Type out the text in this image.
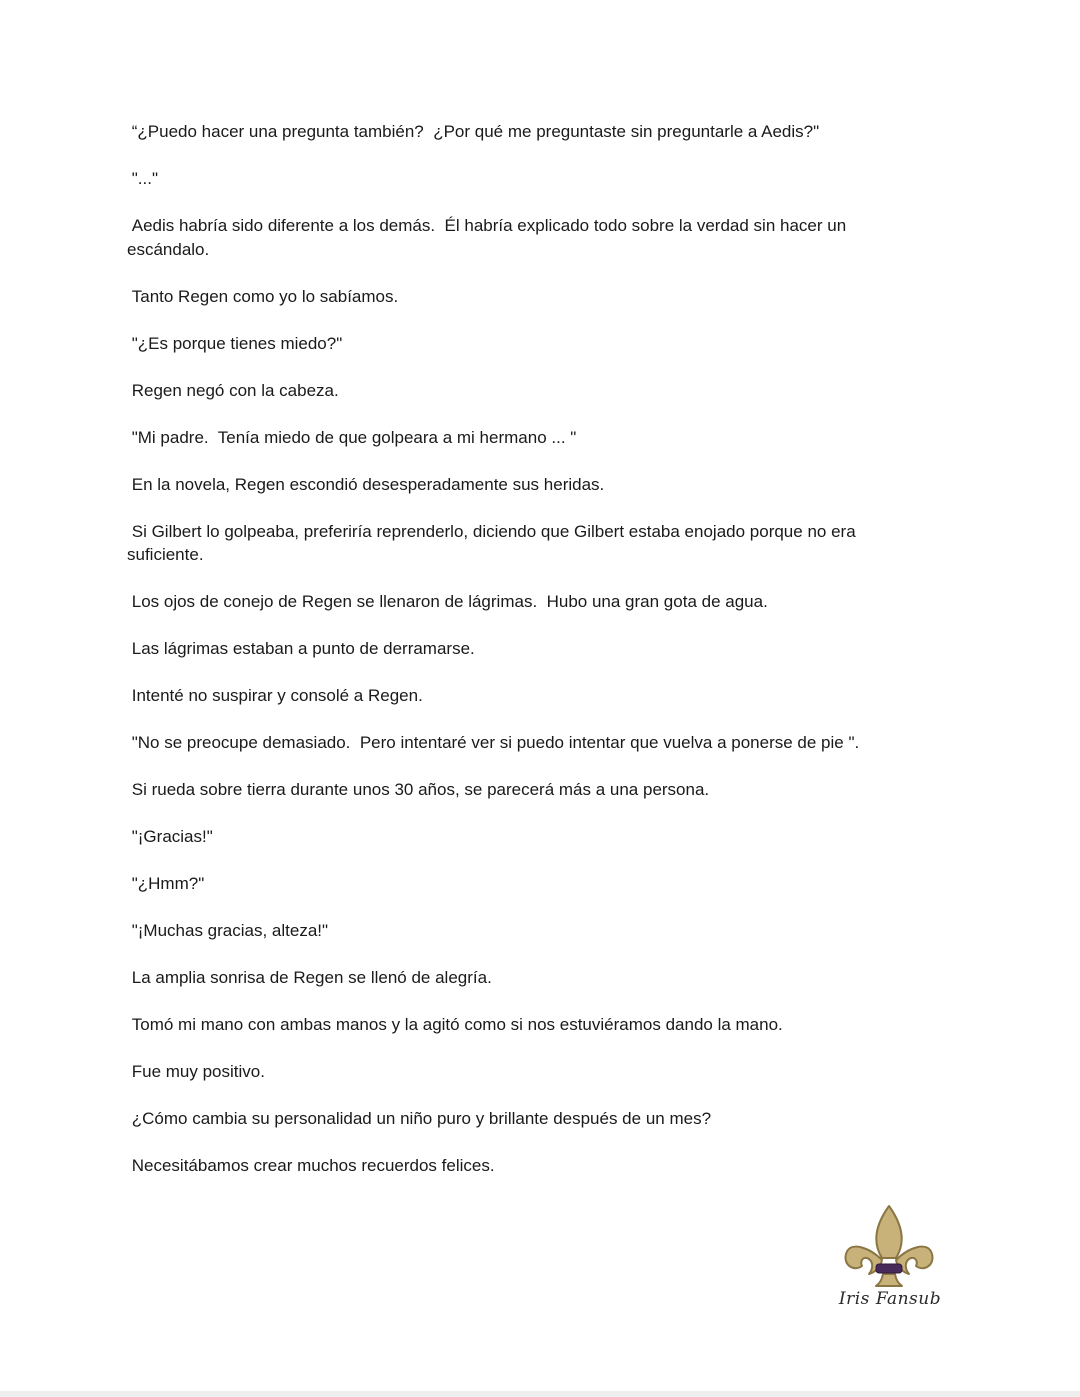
“¿Puedo hacer una pregunta también?  ¿Por qué me preguntaste sin preguntarle a Aedis?"

"..."

Aedis habría sido diferente a los demás.  Él habría explicado todo sobre la verdad sin hacer un escándalo.

Tanto Regen como yo lo sabíamos.

"¿Es porque tienes miedo?"

Regen negó con la cabeza.

"Mi padre.  Tenía miedo de que golpeara a mi hermano ... "

En la novela, Regen escondió desesperadamente sus heridas.

Si Gilbert lo golpeaba, preferiría reprenderlo, diciendo que Gilbert estaba enojado porque no era suficiente.

Los ojos de conejo de Regen se llenaron de lágrimas.  Hubo una gran gota de agua.

Las lágrimas estaban a punto de derramarse.

Intenté no suspirar y consolé a Regen.

"No se preocupe demasiado.  Pero intentaré ver si puedo intentar que vuelva a ponerse de pie ".

Si rueda sobre tierra durante unos 30 años, se parecerá más a una persona.

"¡Gracias!"

"¿Hmm?"

"¡Muchas gracias, alteza!"

La amplia sonrisa de Regen se llenó de alegría.

Tomó mi mano con ambas manos y la agitó como si nos estuviéramos dando la mano.

Fue muy positivo.

¿Cómo cambia su personalidad un niño puro y brillante después de un mes?

Necesitábamos crear muchos recuerdos felices.

Iris Fansub
